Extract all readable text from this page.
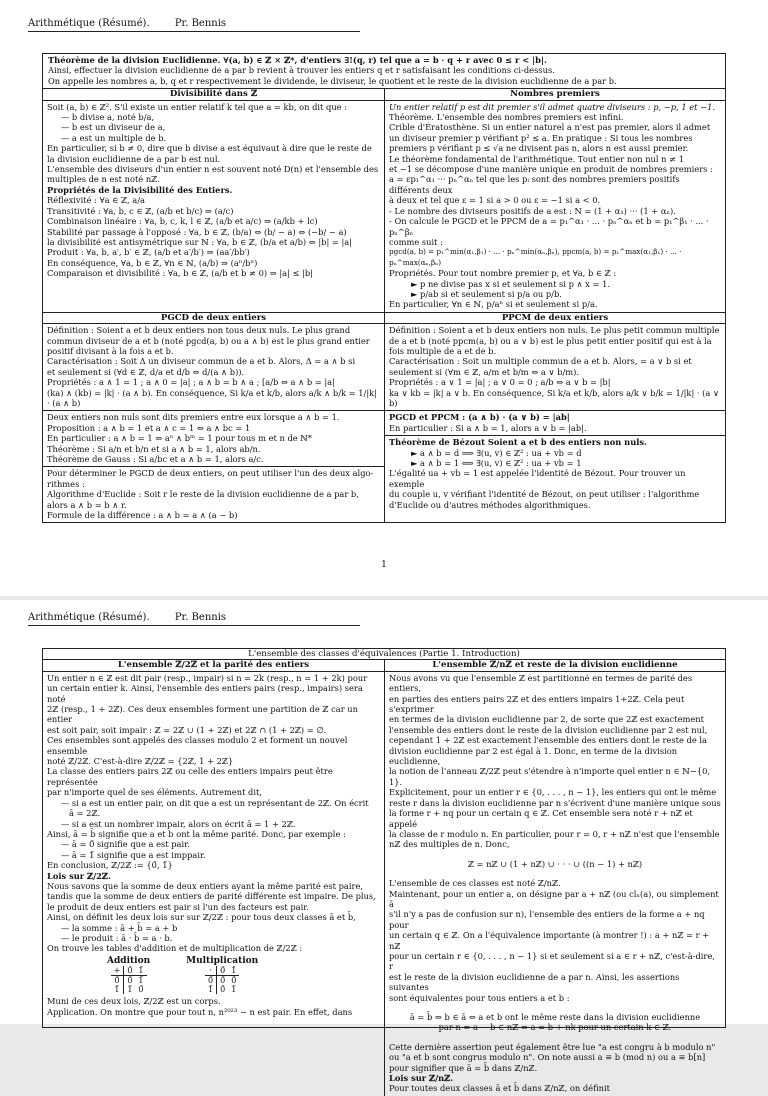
Arithmétique (Résumé).	Pr. Bennis
Théorème de la division Euclidienne. ∀(a, b) ∈ ℤ × ℤ*, d'entiers ∃!(q, r) tel que a = b · q + r avec 0 ≤ r < |b|.
Ainsi, effectuer la division euclidienne de a par b revient à trouver les entiers q et r satisfaisant les conditions ci-dessus.
On appelle les nombres a, b, q et r respectivement le dividende, le diviseur, le quotient et le reste de la division euclidienne de a par b.
Divisibilité dans ℤ
Soit (a, b) ∈ ℤ². S'il existe un entier relatif k tel que a = kb, on dit que :
— b divise a, noté b/a,
— b est un diviseur de a,
— a est un multiple de b.
En particulier, si b ≠ 0, dire que b divise a est équivaut à dire que le reste de
la division euclidienne de a par b est nul.
L'ensemble des diviseurs d'un entier n est souvent noté D(n) et l'ensemble des
multiples de n est noté nℤ.
Propriétés de la Divisibilité des Entiers.
Réflexivité : ∀a ∈ ℤ, a/a
Transitivité : ∀a, b, c ∈ ℤ, (a/b et b/c) ⇒ (a/c)
Combinaison linéaire : ∀a, b, c, k, l ∈ ℤ, (a/b et a/c) ⇒ (a/kb + lc)
Stabilité par passage à l'opposé : ∀a, b ∈ ℤ, (b/a) ⇔ (b/ − a) ⇔ (−b/ − a)
la divisibilité est antisymétrique sur ℕ : ∀a, b ∈ ℤ, (b/a et a/b) ⇔ |b| = |a|
Produit : ∀a, b, a′, b′ ∈ ℤ, (a/b et a′/b′) ⇒ (aa′/bb′)
En conséquence, ∀a, b ∈ ℤ, ∀n ∈ ℕ, (a/b) ⇒ (aⁿ/bⁿ)
Comparaison et divisibilité : ∀a, b ∈ ℤ, (a/b et b ≠ 0) ⇒ |a| ≤ |b|
Nombres premiers
Un entier relatif p est dit premier s'il admet quatre diviseurs : p, −p, 1 et −1.
Théorème. L'ensemble des nombres premiers est infini.
Crible d'Ératosthène. Si un entier naturel a n'est pas premier, alors il admet
un diviseur premier p vérifiant p² ≤ a. En pratique : Si tous les nombres
premiers p vérifiant p ≤ √a ne divisent pas n, alors n est aussi premier.
Le théorème fondamental de l'arithmétique. Tout entier non nul n ≠ 1
et −1 se décompose d'une manière unique en produit de nombres premiers :
a = εp₁^α₁ ··· pₙ^αₙ tel que les pᵢ sont des nombres premiers positifs différents deux
à deux et tel que ε = 1 si a > 0 ou ε = −1 si a < 0.
- Le nombre des diviseurs positifs de a est : N = (1 + α₁) ··· (1 + αₙ).
- On calcule le PGCD et le PPCM de a = p₁^α₁ · ... · pₙ^αₙ et b = p₁^β₁ · ... · pₙ^βₙ
comme suit :
pgcd(a, b) = p₁^min(α₁,β₁) · ... · pₙ^min(αₙ,βₙ), ppcm(a, b) = p₁^max(α₁,β₁) · ... · pₙ^max(αₙ,βₙ)
Propriétés. Pour tout nombre premier p, et ∀a, b ∈ ℤ :
► p ne divise pas x si et seulement si p ∧ x = 1.
► p/ab si et seulement si p/a ou p/b.
En particulier, ∀n ∈ ℕ, p/aⁿ si et seulement si p/a.
PGCD de deux entiers
Définition : Soient a et b deux entiers non tous deux nuls. Le plus grand
commun diviseur de a et b (noté pgcd(a, b) ou a ∧ b) est le plus grand entier
positif divisant à la fois a et b.
Caractérisation : Soit Δ un diviseur commun de a et b. Alors, Δ = a ∧ b si
et seulement si (∀d ∈ ℤ, d/a et d/b ⇔ d/(a ∧ b)).
Propriétés : a ∧ 1 = 1 ; a ∧ 0 = |a| ; a ∧ b = b ∧ a ; [a/b ⇔ a ∧ b = |a|
(ka) ∧ (kb) = |k| · (a ∧ b). En conséquence, Si k/a et k/b, alors a/k ∧ b/k = 1/|k| · (a ∧ b)
Deux entiers non nuls sont dits premiers entre eux lorsque a ∧ b = 1.
Proposition : a ∧ b = 1 et a ∧ c = 1 ⇔ a ∧ bc = 1
En particulier : a ∧ b = 1 ⇒ aⁿ ∧ bᵐ = 1 pour tous m et n de ℕ*
Théorème : Si a/n et b/n et si a ∧ b = 1, alors ab/n.
Théorème de Gauss : Si a/bc et a ∧ b = 1, alors a/c.
Pour déterminer le PGCD de deux entiers, on peut utiliser l'un des deux algo-
rithmes :
Algorithme d'Euclide : Soit r le reste de la division euclidienne de a par b,
alors a ∧ b = b ∧ r.
Formule de la différence : a ∧ b = a ∧ (a − b)
PPCM de deux entiers
Définition : Soient a et b deux entiers non nuls. Le plus petit commun multiple
de a et b (noté ppcm(a, b) ou a ∨ b) est le plus petit entier positif qui est à la
fois multiple de a et de b.
Caractérisation : Soit un multiple commun de a et b. Alors, = a ∨ b si et
seulement si (∀m ∈ ℤ, a/m et b/m ⇔ a ∨ b/m).
Propriétés : a ∨ 1 = |a| ; a ∨ 0 = 0 ; a/b ⇔ a ∨ b = |b|
ka ∨ kb = |k| a ∨ b. En conséquence, Si k/a et k/b, alors a/k ∨ b/k = 1/|k| · (a ∨ b)
PGCD et PPCM : (a ∧ b) · (a ∨ b) = |ab|
En particulier : Si a ∧ b = 1, alors a ∨ b = |ab|.
Théorème de Bézout Soient a et b des entiers non nuls.
► a ∧ b = d ⟹ ∃(u, v) ∈ ℤ² : ua + vb = d
► a ∧ b = 1 ⟺ ∃(u, v) ∈ ℤ² : ua + vb = 1
L'égalité ua + vb = 1 est appelée l'identité de Bézout. Pour trouver un exemple
du couple u, v vérifiant l'identité de Bézout, on peut utiliser : l'algorithme
d'Euclide ou d'autres méthodes algorithmiques.
1
Arithmétique (Résumé).	Pr. Bennis
L'ensemble des classes d'équivalences (Partie 1. Introduction)
L'ensemble ℤ/2ℤ et la parité des entiers
Un entier n ∈ ℤ est dit pair (resp., impair) si n = 2k (resp., n = 1 + 2k) pour
un certain entier k. Ainsi, l'ensemble des entiers pairs (resp., impairs) sera noté
2ℤ (resp., 1 + 2ℤ). Ces deux ensembles forment une partition de ℤ car un entier
est soit pair, soit impair : ℤ = 2ℤ ∪ (1 + 2ℤ) et 2ℤ ∩ (1 + 2ℤ) = ∅.
Ces ensembles sont appelés des classes modulo 2 et forment un nouvel ensemble
noté ℤ/2ℤ. C'est-à-dire ℤ/2ℤ = {2ℤ, 1 + 2ℤ}
La classe des entiers pairs 2ℤ ou celle des entiers impairs peut être représentée
par n'importe quel de ses éléments. Autrement dit,
— si a est un entier pair, on dit que a est un représentant de 2ℤ. On écrit
ā = 2ℤ.
— si a est un nombrer impair, alors on écrit ā = 1 + 2ℤ.
Ainsi, ā = b̄ signifie que a et b ont la même parité. Donc, par exemple :
— ā = 0̄ signifie que a est pair.
— ā = 1̄ signifie que a est imppair.
En conclusion, ℤ/2ℤ := {0̄, 1̄}
Lois sur ℤ/2ℤ.
Nous savons que la somme de deux entiers ayant la même parité est paire,
tandis que la somme de deux entiers de parité différente est impaire. De plus,
le produit de deux entiers est pair si l'un des facteurs est pair.
Ainsi, on définit les deux lois sur sur ℤ/2ℤ : pour tous deux classes ā et b̄,
— la somme : ā + b̄ = a + b
— le produit : ā · b̄ = a · b.
On trouve les tables d'addition et de multiplication de ℤ/2ℤ :
Addition
+	0̄	1̄
0̄	0̄	1̄
1̄	1̄	0̄
Multiplication
·	0̄	1̄
0̄	0̄	0̄
1̄	0̄	1̄
Muni de ces deux lois, ℤ/2ℤ est un corps.
Application. On montre que pour tout n, n²⁰²³ − n est pair. En effet, dans
L'ensemble ℤ/nℤ et reste de la division euclidienne
Nous avons vu que l'ensemble ℤ est partitionné en termes de parité des entiers,
en parties des entiers pairs 2ℤ et des entiers impairs 1+2ℤ. Cela peut s'exprimer
en termes de la division euclidienne par 2, de sorte que 2ℤ est exactement
l'ensemble des entiers dont le reste de la division euclidienne par 2 est nul,
cependant 1 + 2ℤ est exactement l'ensemble des entiers dont le reste de la
division euclidienne par 2 est égal à 1. Donc, en terme de la division euclidienne,
la notion de l'anneau ℤ/2ℤ peut s'étendre à n'importe quel entier n ∈ ℕ−{0, 1}.
Explicitement, pour un entier r ∈ {0, . . . , n − 1}, les entiers qui ont le même
reste r dans la division euclidienne par n s'écrivent d'une manière unique sous
la forme r + nq pour un certain q ∈ ℤ. Cet ensemble sera noté r + nℤ et appelé
la classe de r modulo n. En particulier, pour r = 0, r + nℤ n'est que l'ensemble
nℤ des multiples de n. Donc,
ℤ = nℤ ∪ (1 + nℤ) ∪ · · · ∪ ((n − 1) + nℤ)
L'ensemble de ces classes est noté ℤ/nℤ.
Maintenant, pour un entier a, on désigne par a + nℤ (ou clₙ(a), ou simplement ā
s'il n'y a pas de confusion sur n), l'ensemble des entiers de la forme a + nq pour
un certain q ∈ ℤ. On a l'équivalence importante (à montrer !) : a + nℤ = r + nℤ
pour un certain r ∈ {0, . . . , n − 1} si et seulement si a ∈ r + nℤ, c'est-à-dire, r
est le reste de la division euclidienne de a par n. Ainsi, les assertions suivantes
sont équivalentes pour tous entiers a et b :
ā = b̄ ⇔ b ∈ ā ⇔ a et b ont le même reste dans la division euclidienne par n ⇔ a − b ∈ nℤ ⇔ a = b + nk pour un certain k ∈ ℤ.
Cette dernière assertion peut également être lue "a est congru à b modulo n"
ou "a et b sont congrus modulo n". On note aussi a ≡ b (mod n) ou a ≡ b[n]
pour signifier que ā = b̄ dans ℤ/nℤ.
Lois sur ℤ/nℤ.
Pour toutes deux classes ā et b̄ dans ℤ/nℤ, on définit
